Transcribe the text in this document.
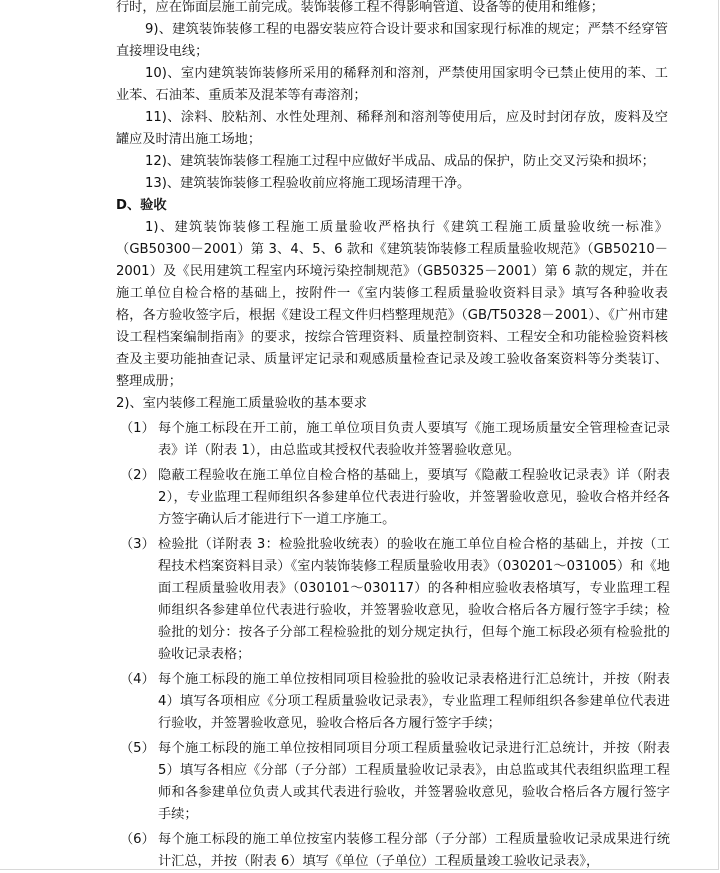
行时，应在饰面层施工前完成。装饰装修工程不得影响管道、设备等的使用和维修；

9)、建筑装饰装修工程的电器安装应符合设计要求和国家现行标准的规定；严禁不经穿管直接埋设电线；

10)、室内建筑装饰装修所采用的稀释剂和溶剂，严禁使用国家明令已禁止使用的苯、工业苯、石油苯、重质苯及混苯等有毒溶剂；

11)、涂料、胶粘剂、水性处理剂、稀释剂和溶剂等使用后，应及时封闭存放，废料及空罐应及时清出施工场地；

12)、建筑装饰装修工程施工过程中应做好半成品、成品的保护，防止交叉污染和损坏；

13)、建筑装饰装修工程验收前应将施工现场清理干净。

D、验收

1)、建筑装饰装修工程施工质量验收严格执行《建筑工程施工质量验收统一标准》（GB50300－2001）第 3、4、5、6 款和《建筑装饰装修工程质量验收规范》（GB50210－2001）及《民用建筑工程室内环境污染控制规范》（GB50325－2001）第 6 款的规定，并在施工单位自检合格的基础上，按附件一《室内装修工程质量验收资料目录》填写各种验收表格，各方验收签字后，根据《建设工程文件归档整理规范》（GB/T50328－2001）、《广州市建设工程档案编制指南》的要求，按综合管理资料、质量控制资料、工程安全和功能检验资料核查及主要功能抽查记录、质量评定记录和观感质量检查记录及竣工验收备案资料等分类装订、整理成册；

2)、室内装修工程施工质量验收的基本要求

（1） 每个施工标段在开工前，施工单位项目负责人要填写《施工现场质量安全管理检查记录表》详（附表 1），由总监或其授权代表验收并签署验收意见。
（2） 隐蔽工程验收在施工单位自检合格的基础上，要填写《隐蔽工程验收记录表》详（附表 2），专业监理工程师组织各参建单位代表进行验收，并签署验收意见，验收合格并经各方签字确认后才能进行下一道工序施工。
（3） 检验批（详附表 3：检验批验收统表）的验收在施工单位自检合格的基础上，并按（工程技术档案资料目录）《室内装饰装修工程质量验收用表》（030201～031005）和《地面工程质量验收用表》（030101～030117）的各种相应验收表格填写，专业监理工程师组织各参建单位代表进行验收，并签署验收意见，验收合格后各方履行签字手续；检验批的划分：按各子分部工程检验批的划分规定执行，但每个施工标段必须有检验批的验收记录表格；
（4） 每个施工标段的施工单位按相同项目检验批的验收记录表格进行汇总统计，并按（附表 4）填写各项相应《分项工程质量验收记录表》，专业监理工程师组织各参建单位代表进行验收，并签署验收意见，验收合格后各方履行签字手续；
（5） 每个施工标段的施工单位按相同项目分项工程质量验收记录进行汇总统计，并按（附表 5）填写各相应《分部（子分部）工程质量验收记录表》，由总监或其代表组织监理工程师和各参建单位负责人或其代表进行验收，并签署验收意见，验收合格后各方履行签字手续；
（6） 每个施工标段的施工单位按室内装修工程分部（子分部）工程质量验收记录成果进行统计汇总，并按（附表 6）填写《单位（子单位）工程质量竣工验收记录表》，
